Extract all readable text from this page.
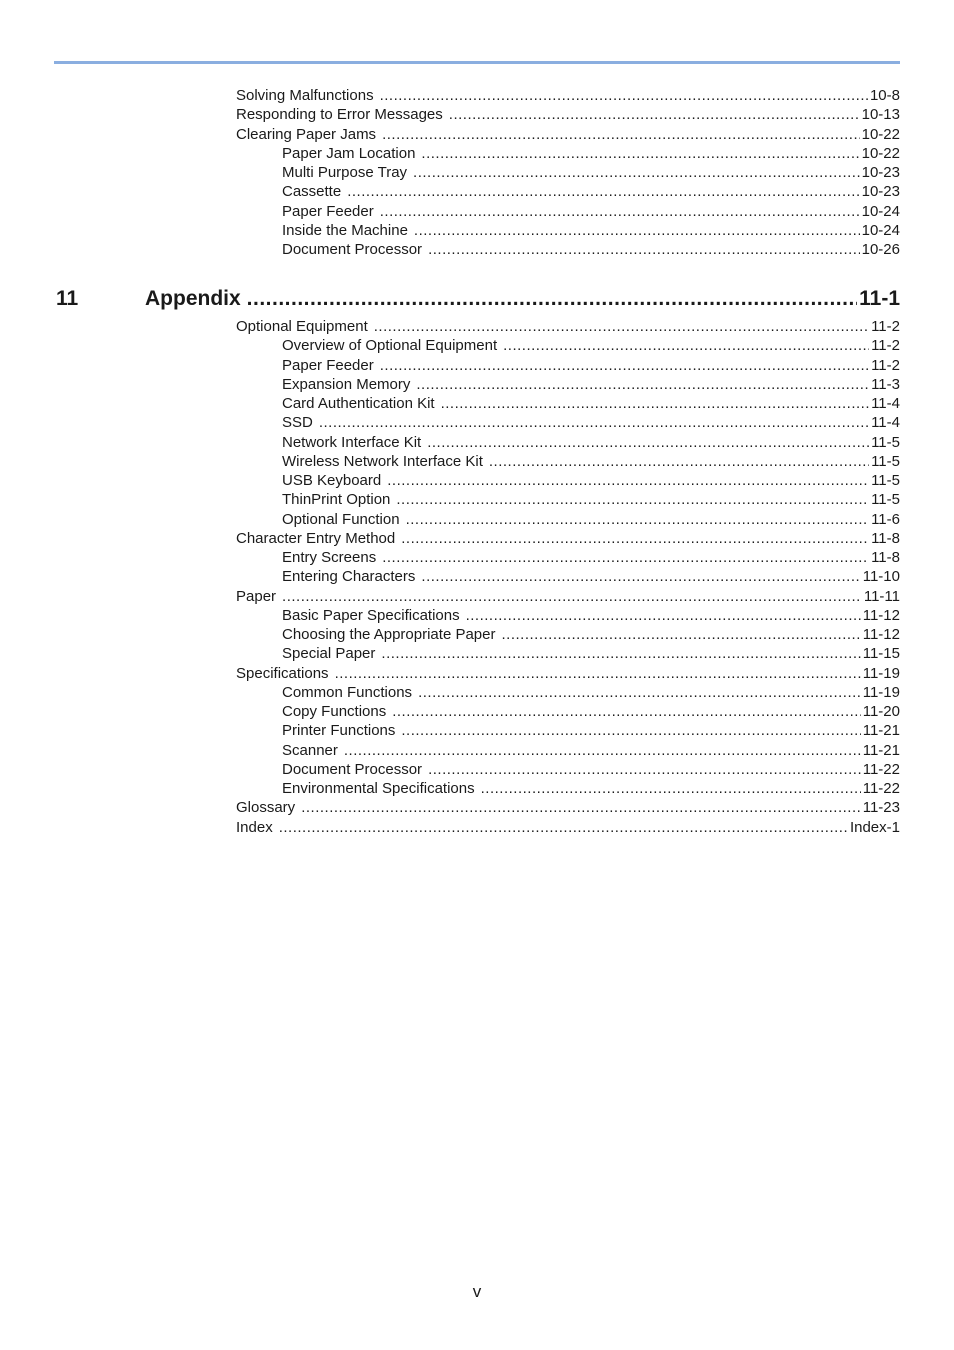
Solving Malfunctions .....	10-8
Responding to Error Messages .....	10-13
Clearing Paper Jams .....	10-22
Paper Jam Location .....	10-22
Multi Purpose Tray .....	10-23
Cassette .....	10-23
Paper Feeder .....	10-24
Inside the Machine .....	10-24
Document Processor .....	10-26
11	Appendix .....	11-1
Optional Equipment .....	11-2
Overview of Optional Equipment .....	11-2
Paper Feeder .....	11-2
Expansion Memory .....	11-3
Card Authentication Kit .....	11-4
SSD .....	11-4
Network Interface Kit .....	11-5
Wireless Network Interface Kit .....	11-5
USB Keyboard .....	11-5
ThinPrint Option .....	11-5
Optional Function .....	11-6
Character Entry Method .....	11-8
Entry Screens .....	11-8
Entering Characters .....	11-10
Paper .....	11-11
Basic Paper Specifications .....	11-12
Choosing the Appropriate Paper .....	11-12
Special Paper .....	11-15
Specifications .....	11-19
Common Functions .....	11-19
Copy Functions .....	11-20
Printer Functions .....	11-21
Scanner .....	11-21
Document Processor .....	11-22
Environmental Specifications .....	11-22
Glossary .....	11-23
Index .....	Index-1
v
